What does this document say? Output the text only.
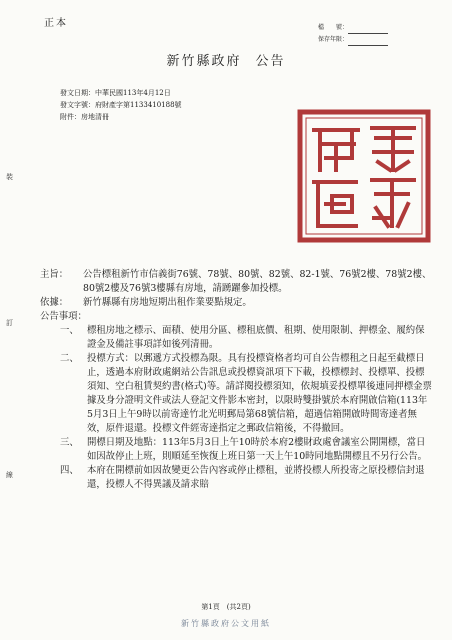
正本	檔　　號：
保存年限：
新竹縣政府 公告
發文日期：中華民國113年4月12日
發文字號：府財產字第1133410188號
附件：房地清冊
裝
訂
線

主旨：	公告標租新竹市信義街76號、78號、80號、82號、82-1號、76號2樓、78號2樓、80號2樓及76號3樓縣有房地，請踴躍參加投標。

依據：	新竹縣縣有房地短期出租作業要點規定。

公告事項：

一、 標租房地之標示、面積、使用分區、標租底價、租期、使用限制、押標金、履約保證金及備註事項詳如後列清冊。
二、 投標方式：以郵遞方式投標為限。具有投標資格者均可自公告標租之日起至截標日止，透過本府財政處網站公告訊息或投標資訊項下下載，投標標封、投標單、投標須知、空白租賃契約書(格式)等。請詳閱投標須知，依規填妥投標單後連同押標金票據及身分證明文件或法人登記文件影本密封，以限時雙掛號於本府開啟信箱(113年5月3日上午9時以前寄達竹北光明郵局第68號信箱，超過信箱開啟時間寄達者無效，原件退還。投標文件經寄達指定之郵政信箱後，不得撤回。
三、 開標日期及地點：113年5月3日上午10時於本府2樓財政處會議室公開開標，當日如因故停止上班，則順延至恢復上班日第一天上午10時同地點開標且不另行公告。
四、 本府在開標前如因故變更公告內容或停止標租，並將投標人所投寄之原投標信封退還，投標人不得異議及請求賠
第1頁　(共2頁)
新竹縣政府公文用紙
